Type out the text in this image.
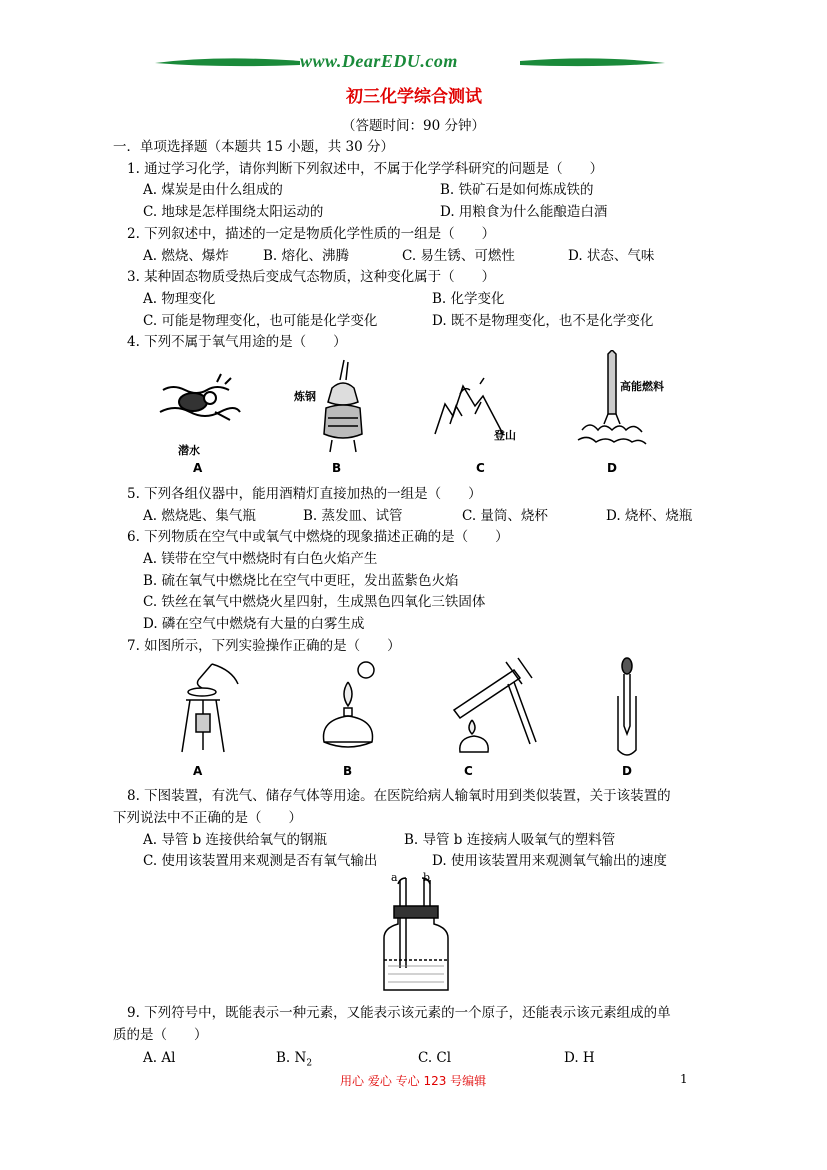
www.DearEDU.com
初三化学综合测试
（答题时间：90 分钟）
一．单项选择题（本题共 15 小题，共 30 分）
1. 通过学习化学，请你判断下列叙述中，不属于化学学科研究的问题是（　　）
A. 煤炭是由什么组成的	B. 铁矿石是如何炼成铁的
C. 地球是怎样围绕太阳运动的	D. 用粮食为什么能酿造白酒
2. 下列叙述中，描述的一定是物质化学性质的一组是（　　）
A. 燃烧、爆炸	B. 熔化、沸腾	C. 易生锈、可燃性	D. 状态、气味
3. 某种固态物质受热后变成气态物质，这种变化属于（　　）
A. 物理变化	B. 化学变化
C. 可能是物理变化，也可能是化学变化	D. 既不是物理变化，也不是化学变化
4. 下列不属于氧气用途的是（　　）
潜水
炼钢
登山
高能燃料
A	B	C	D
5. 下列各组仪器中，能用酒精灯直接加热的一组是（　　）
A. 燃烧匙、集气瓶	B. 蒸发皿、试管	C. 量筒、烧杯	D. 烧杯、烧瓶
6. 下列物质在空气中或氧气中燃烧的现象描述正确的是（　　）
A. 镁带在空气中燃烧时有白色火焰产生
B. 硫在氧气中燃烧比在空气中更旺，发出蓝紫色火焰
C. 铁丝在氧气中燃烧火星四射，生成黑色四氧化三铁固体
D. 磷在空气中燃烧有大量的白雾生成
7. 如图所示，下列实验操作正确的是（　　）
A	B	C	D
8. 下图装置，有洗气、储存气体等用途。在医院给病人输氧时用到类似装置，关于该装置的
下列说法中不正确的是（　　）
A. 导管 b 连接供给氧气的钢瓶	B. 导管 b 连接病人吸氧气的塑料管
C. 使用该装置用来观测是否有氧气输出	D. 使用该装置用来观测氧气输出的速度
a b
9. 下列符号中，既能表示一种元素，又能表示该元素的一个原子，还能表示该元素组成的单
质的是（　　）
A. Al	B. $N_2$	C. Cl	D. H
用心 爱心 专心 123 号编辑	1
